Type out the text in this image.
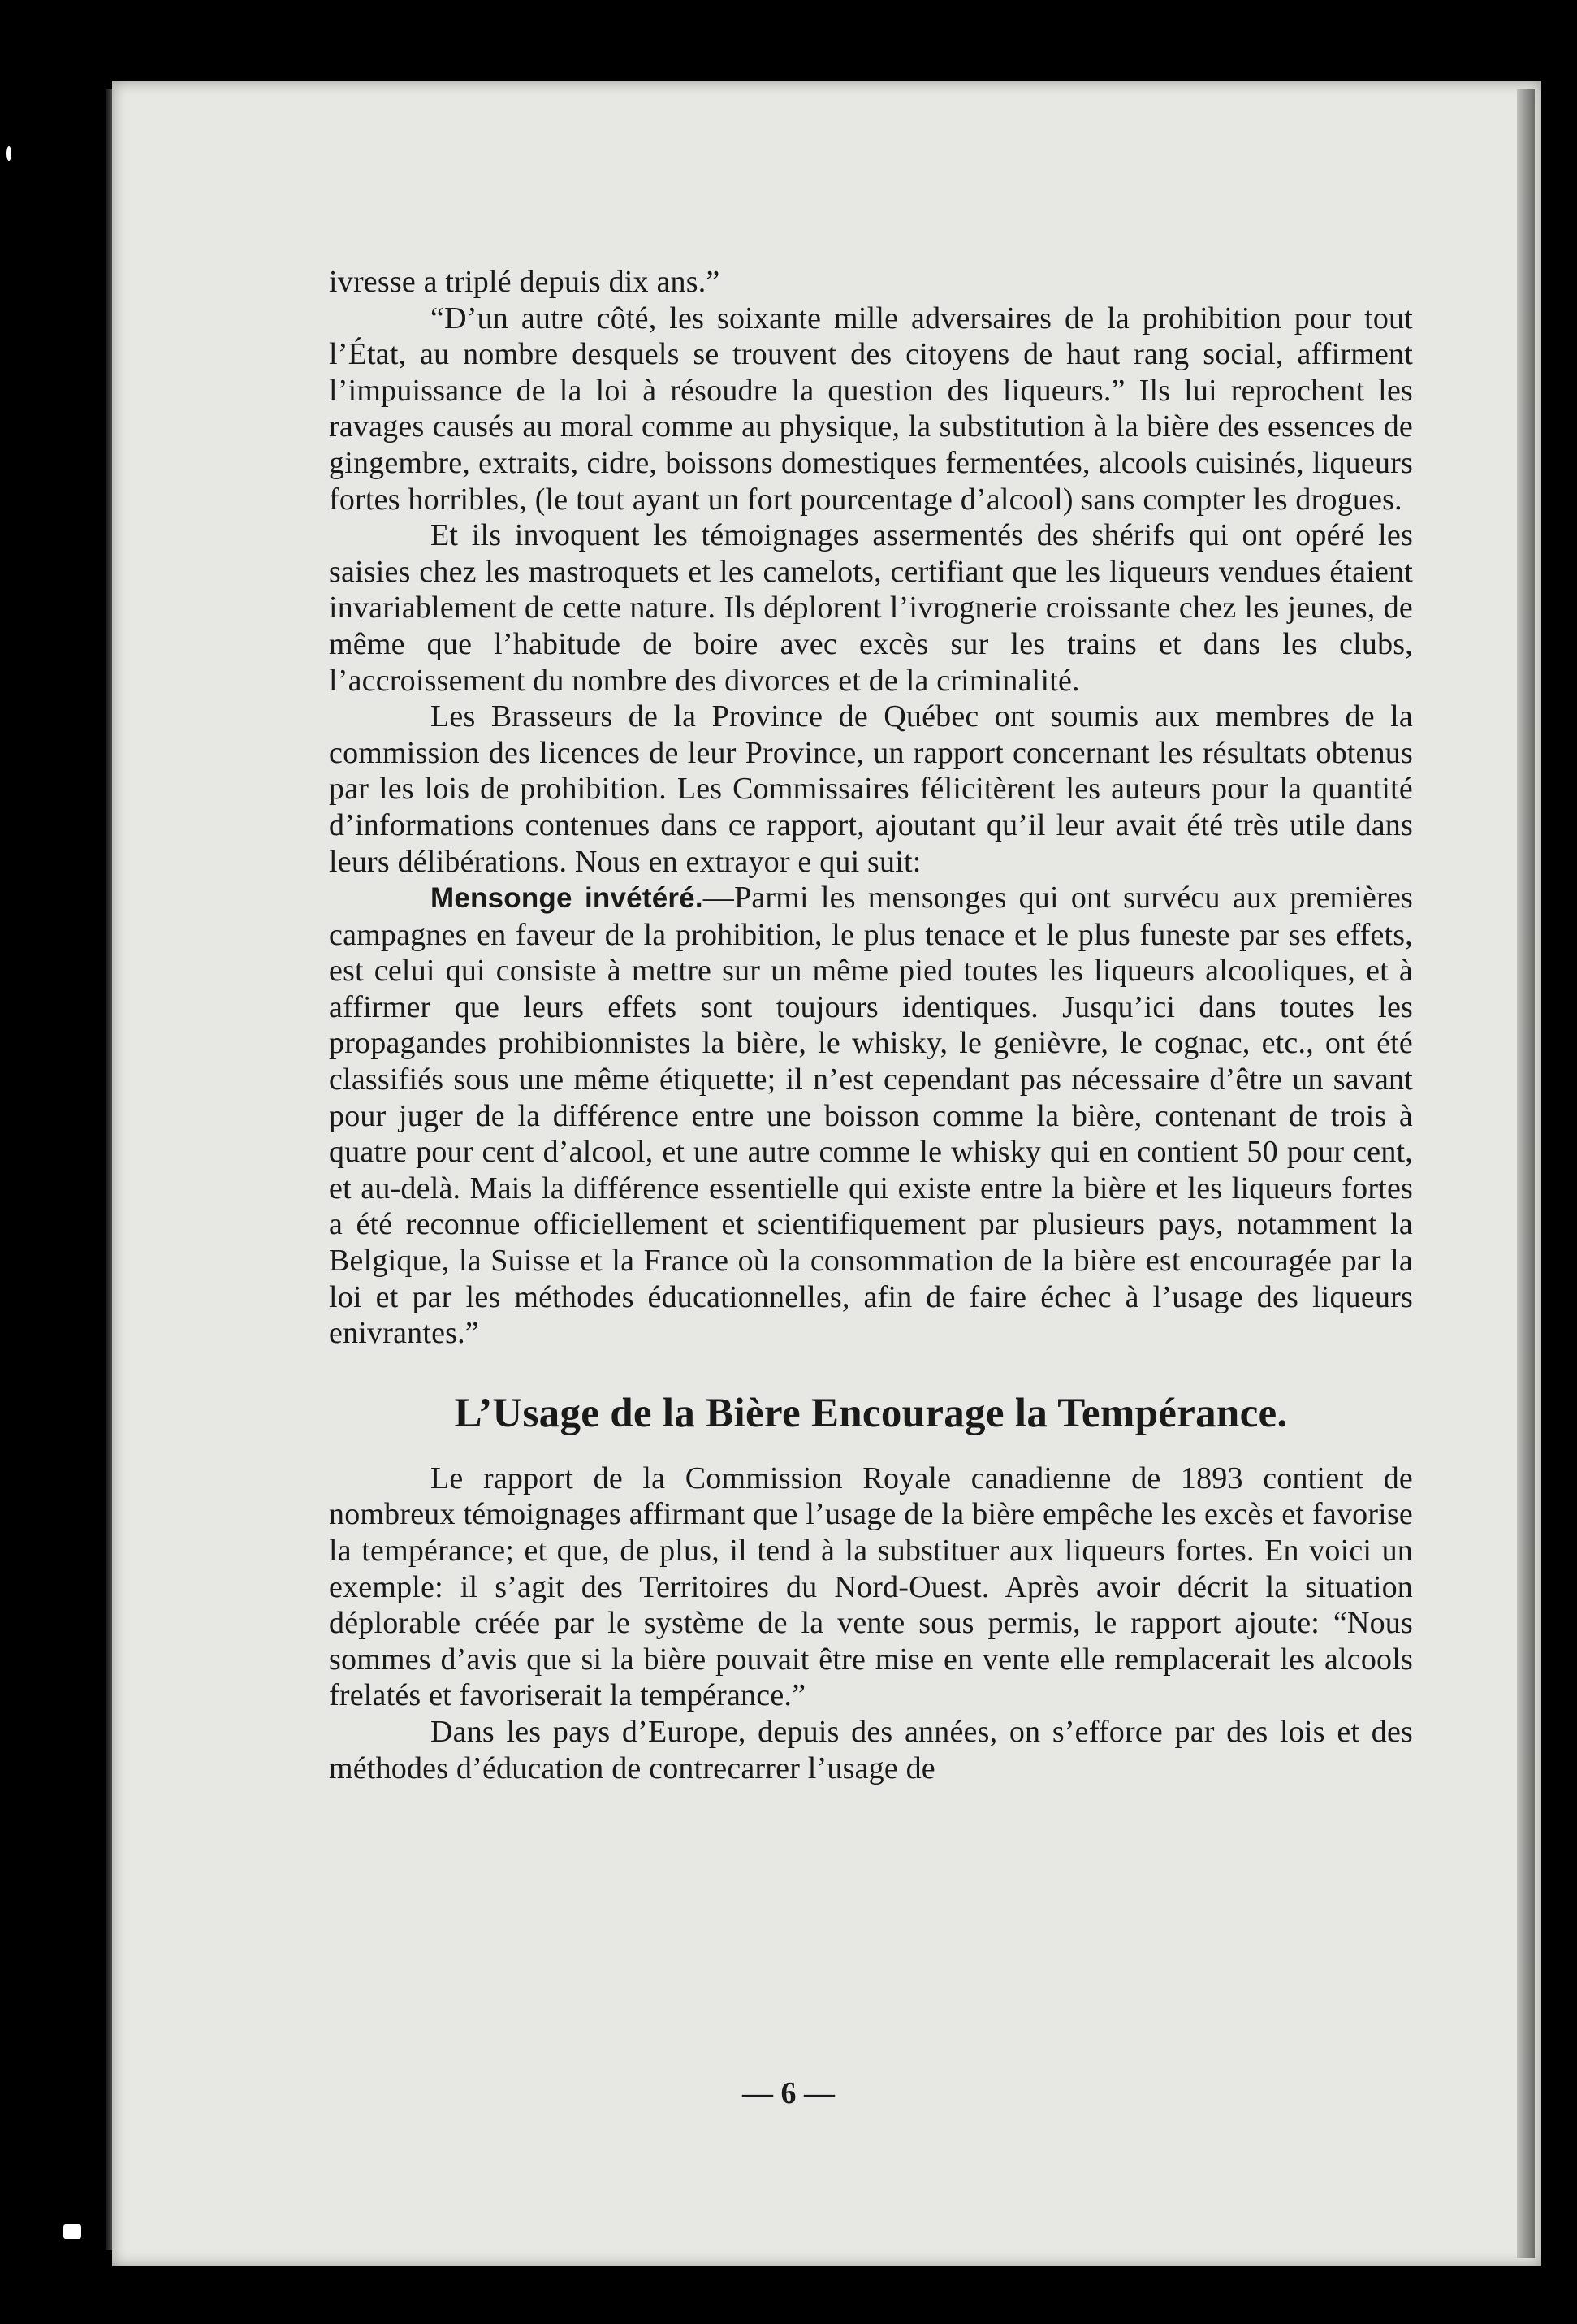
ivresse a triplé depuis dix ans.”

“D’un autre côté, les soixante mille adversaires de la prohibition pour tout l’État, au nombre desquels se trouvent des citoyens de haut rang social, affirment l’impuissance de la loi à résoudre la question des liqueurs.” Ils lui reprochent les ravages causés au moral comme au physique, la substitution à la bière des essences de gingembre, extraits, cidre, boissons domestiques fermentées, alcools cuisinés, liqueurs fortes horribles, (le tout ayant un fort pourcentage d’alcool) sans compter les drogues.

Et ils invoquent les témoignages assermentés des shérifs qui ont opéré les saisies chez les mastroquets et les camelots, certifiant que les liqueurs vendues étaient invariablement de cette nature. Ils déplorent l’ivrognerie croissante chez les jeunes, de même que l’habitude de boire avec excès sur les trains et dans les clubs, l’accroissement du nombre des divorces et de la criminalité.

Les Brasseurs de la Province de Québec ont soumis aux membres de la commission des licences de leur Province, un rapport concernant les résultats obtenus par les lois de prohibition. Les Commissaires félicitèrent les auteurs pour la quantité d’informations contenues dans ce rapport, ajoutant qu’il leur avait été très utile dans leurs délibérations. Nous en extrayor e qui suit:

Mensonge invétéré.—Parmi les mensonges qui ont survécu aux premières campagnes en faveur de la prohibition, le plus tenace et le plus funeste par ses effets, est celui qui consiste à mettre sur un même pied toutes les liqueurs alcooliques, et à affirmer que leurs effets sont toujours identiques. Jusqu’ici dans toutes les propagandes prohibionnistes la bière, le whisky, le genièvre, le cognac, etc., ont été classifiés sous une même étiquette; il n’est cependant pas nécessaire d’être un savant pour juger de la différence entre une boisson comme la bière, contenant de trois à quatre pour cent d’alcool, et une autre comme le whisky qui en contient 50 pour cent, et au-delà. Mais la différence essentielle qui existe entre la bière et les liqueurs fortes a été reconnue officiellement et scientifiquement par plusieurs pays, notamment la Belgique, la Suisse et la France où la consommation de la bière est encouragée par la loi et par les méthodes éducationnelles, afin de faire échec à l’usage des liqueurs enivrantes.”

L’Usage de la Bière Encourage la Tempérance.

Le rapport de la Commission Royale canadienne de 1893 contient de nombreux témoignages affirmant que l’usage de la bière empêche les excès et favorise la tempérance; et que, de plus, il tend à la substituer aux liqueurs fortes. En voici un exemple: il s’agit des Territoires du Nord-Ouest. Après avoir décrit la situation déplorable créée par le système de la vente sous permis, le rapport ajoute: “Nous sommes d’avis que si la bière pouvait être mise en vente elle remplacerait les alcools frelatés et favoriserait la tempérance.”

Dans les pays d’Europe, depuis des années, on s’efforce par des lois et des méthodes d’éducation de contrecarrer l’usage de

— 6 —
